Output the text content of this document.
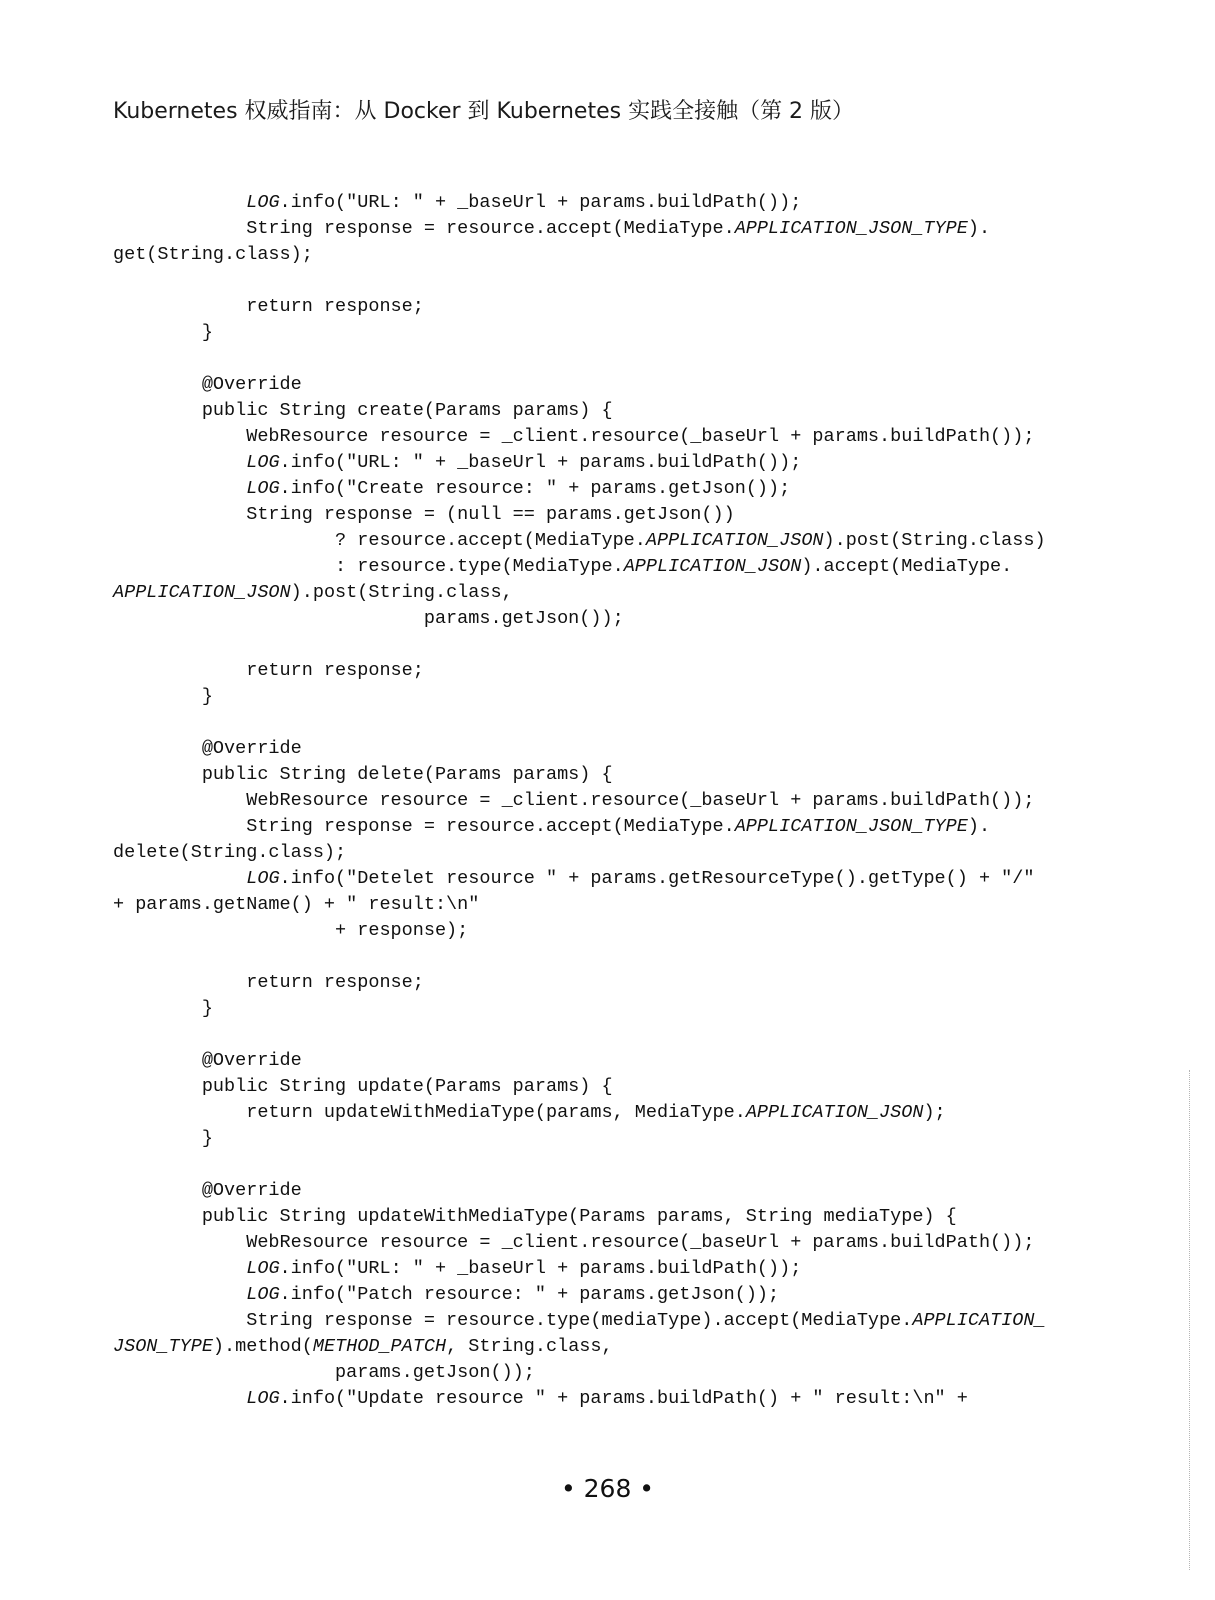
Kubernetes 权威指南：从 Docker 到 Kubernetes 实践全接触（第 2 版）
LOG.info("URL: " + _baseUrl + params.buildPath());
String response = resource.accept(MediaType.APPLICATION_JSON_TYPE).
get(String.class);
return response;
}
@Override
public String create(Params params) {
WebResource resource = _client.resource(_baseUrl + params.buildPath());
LOG.info("URL: " + _baseUrl + params.buildPath());
LOG.info("Create resource: " + params.getJson());
String response = (null == params.getJson())
? resource.accept(MediaType.APPLICATION_JSON).post(String.class)
: resource.type(MediaType.APPLICATION_JSON).accept(MediaType.
APPLICATION_JSON).post(String.class,
params.getJson());
return response;
}
@Override
public String delete(Params params) {
WebResource resource = _client.resource(_baseUrl + params.buildPath());
String response = resource.accept(MediaType.APPLICATION_JSON_TYPE).
delete(String.class);
LOG.info("Detelet resource " + params.getResourceType().getType() + "/"
+ params.getName() + " result:\n"
+ response);
return response;
}
@Override
public String update(Params params) {
return updateWithMediaType(params, MediaType.APPLICATION_JSON);
}
@Override
public String updateWithMediaType(Params params, String mediaType) {
WebResource resource = _client.resource(_baseUrl + params.buildPath());
LOG.info("URL: " + _baseUrl + params.buildPath());
LOG.info("Patch resource: " + params.getJson());
String response = resource.type(mediaType).accept(MediaType.APPLICATION_
JSON_TYPE).method(METHOD_PATCH, String.class,
params.getJson());
LOG.info("Update resource " + params.buildPath() + " result:\n" +
• 268 •
